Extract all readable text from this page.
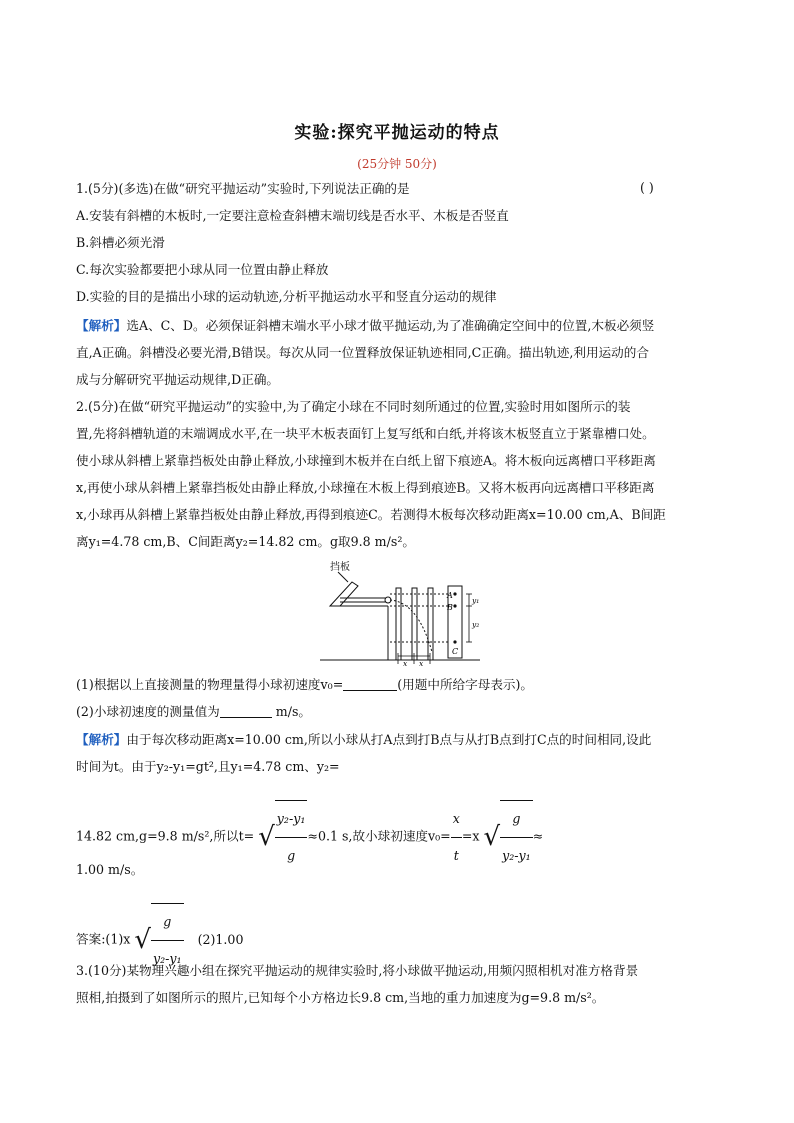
实验:探究平抛运动的特点
(25分钟 50分)
1.(5分)(多选)在做“研究平抛运动”实验时,下列说法正确的是	( )
A.安装有斜槽的木板时,一定要注意检查斜槽末端切线是否水平、木板是否竖直
B.斜槽必须光滑
C.每次实验都要把小球从同一位置由静止释放
D.实验的目的是描出小球的运动轨迹,分析平抛运动水平和竖直分运动的规律
【解析】选A、C、D。必须保证斜槽末端水平小球才做平抛运动,为了准确确定空间中的位置,木板必须竖
直,A正确。斜槽没必要光滑,B错误。每次从同一位置释放保证轨迹相同,C正确。描出轨迹,利用运动的合
成与分解研究平抛运动规律,D正确。
2.(5分)在做“研究平抛运动”的实验中,为了确定小球在不同时刻所通过的位置,实验时用如图所示的装
置,先将斜槽轨道的末端调成水平,在一块平木板表面钉上复写纸和白纸,并将该木板竖直立于紧靠槽口处。
使小球从斜槽上紧靠挡板处由静止释放,小球撞到木板并在白纸上留下痕迹A。将木板向远离槽口平移距离
x,再使小球从斜槽上紧靠挡板处由静止释放,小球撞在木板上得到痕迹B。又将木板再向远离槽口平移距离
x,小球再从斜槽上紧靠挡板处由静止释放,再得到痕迹C。若测得木板每次移动距离x=10.00 cm,A、B间距
离y₁=4.78 cm,B、C间距离y₂=14.82 cm。g取9.8 m/s²。
挡板
A
B
C
y₁
y₂
x x
(1)根据以上直接测量的物理量得小球初速度v₀=	(用题中所给字母表示)。
(2)小球初速度的测量值为	m/s。
【解析】由于每次移动距离x=10.00 cm,所以小球从打A点到打B点与从打B点到打C点的时间相同,设此
时间为t。由于y₂-y₁=gt²,且y₁=4.78 cm、y₂=
14.82 cm,g=9.8 m/s²,所以t= √ $\frac{\text{y₂-y₁}}{g} \approx 0.1$ s,故小球初速度$v_0= \frac{x}{t} =x$ √ $\frac{g}{\text{y₂-y₁}}$ ≈
1.00 m/s。
答案:(1)x √ $\frac{g}{\text{y₂-y₁}} (2)1.00$
3.(10分)某物理兴趣小组在探究平抛运动的规律实验时,将小球做平抛运动,用频闪照相机对准方格背景
照相,拍摄到了如图所示的照片,已知每个小方格边长9.8 cm,当地的重力加速度为g=9.8 m/s²。
